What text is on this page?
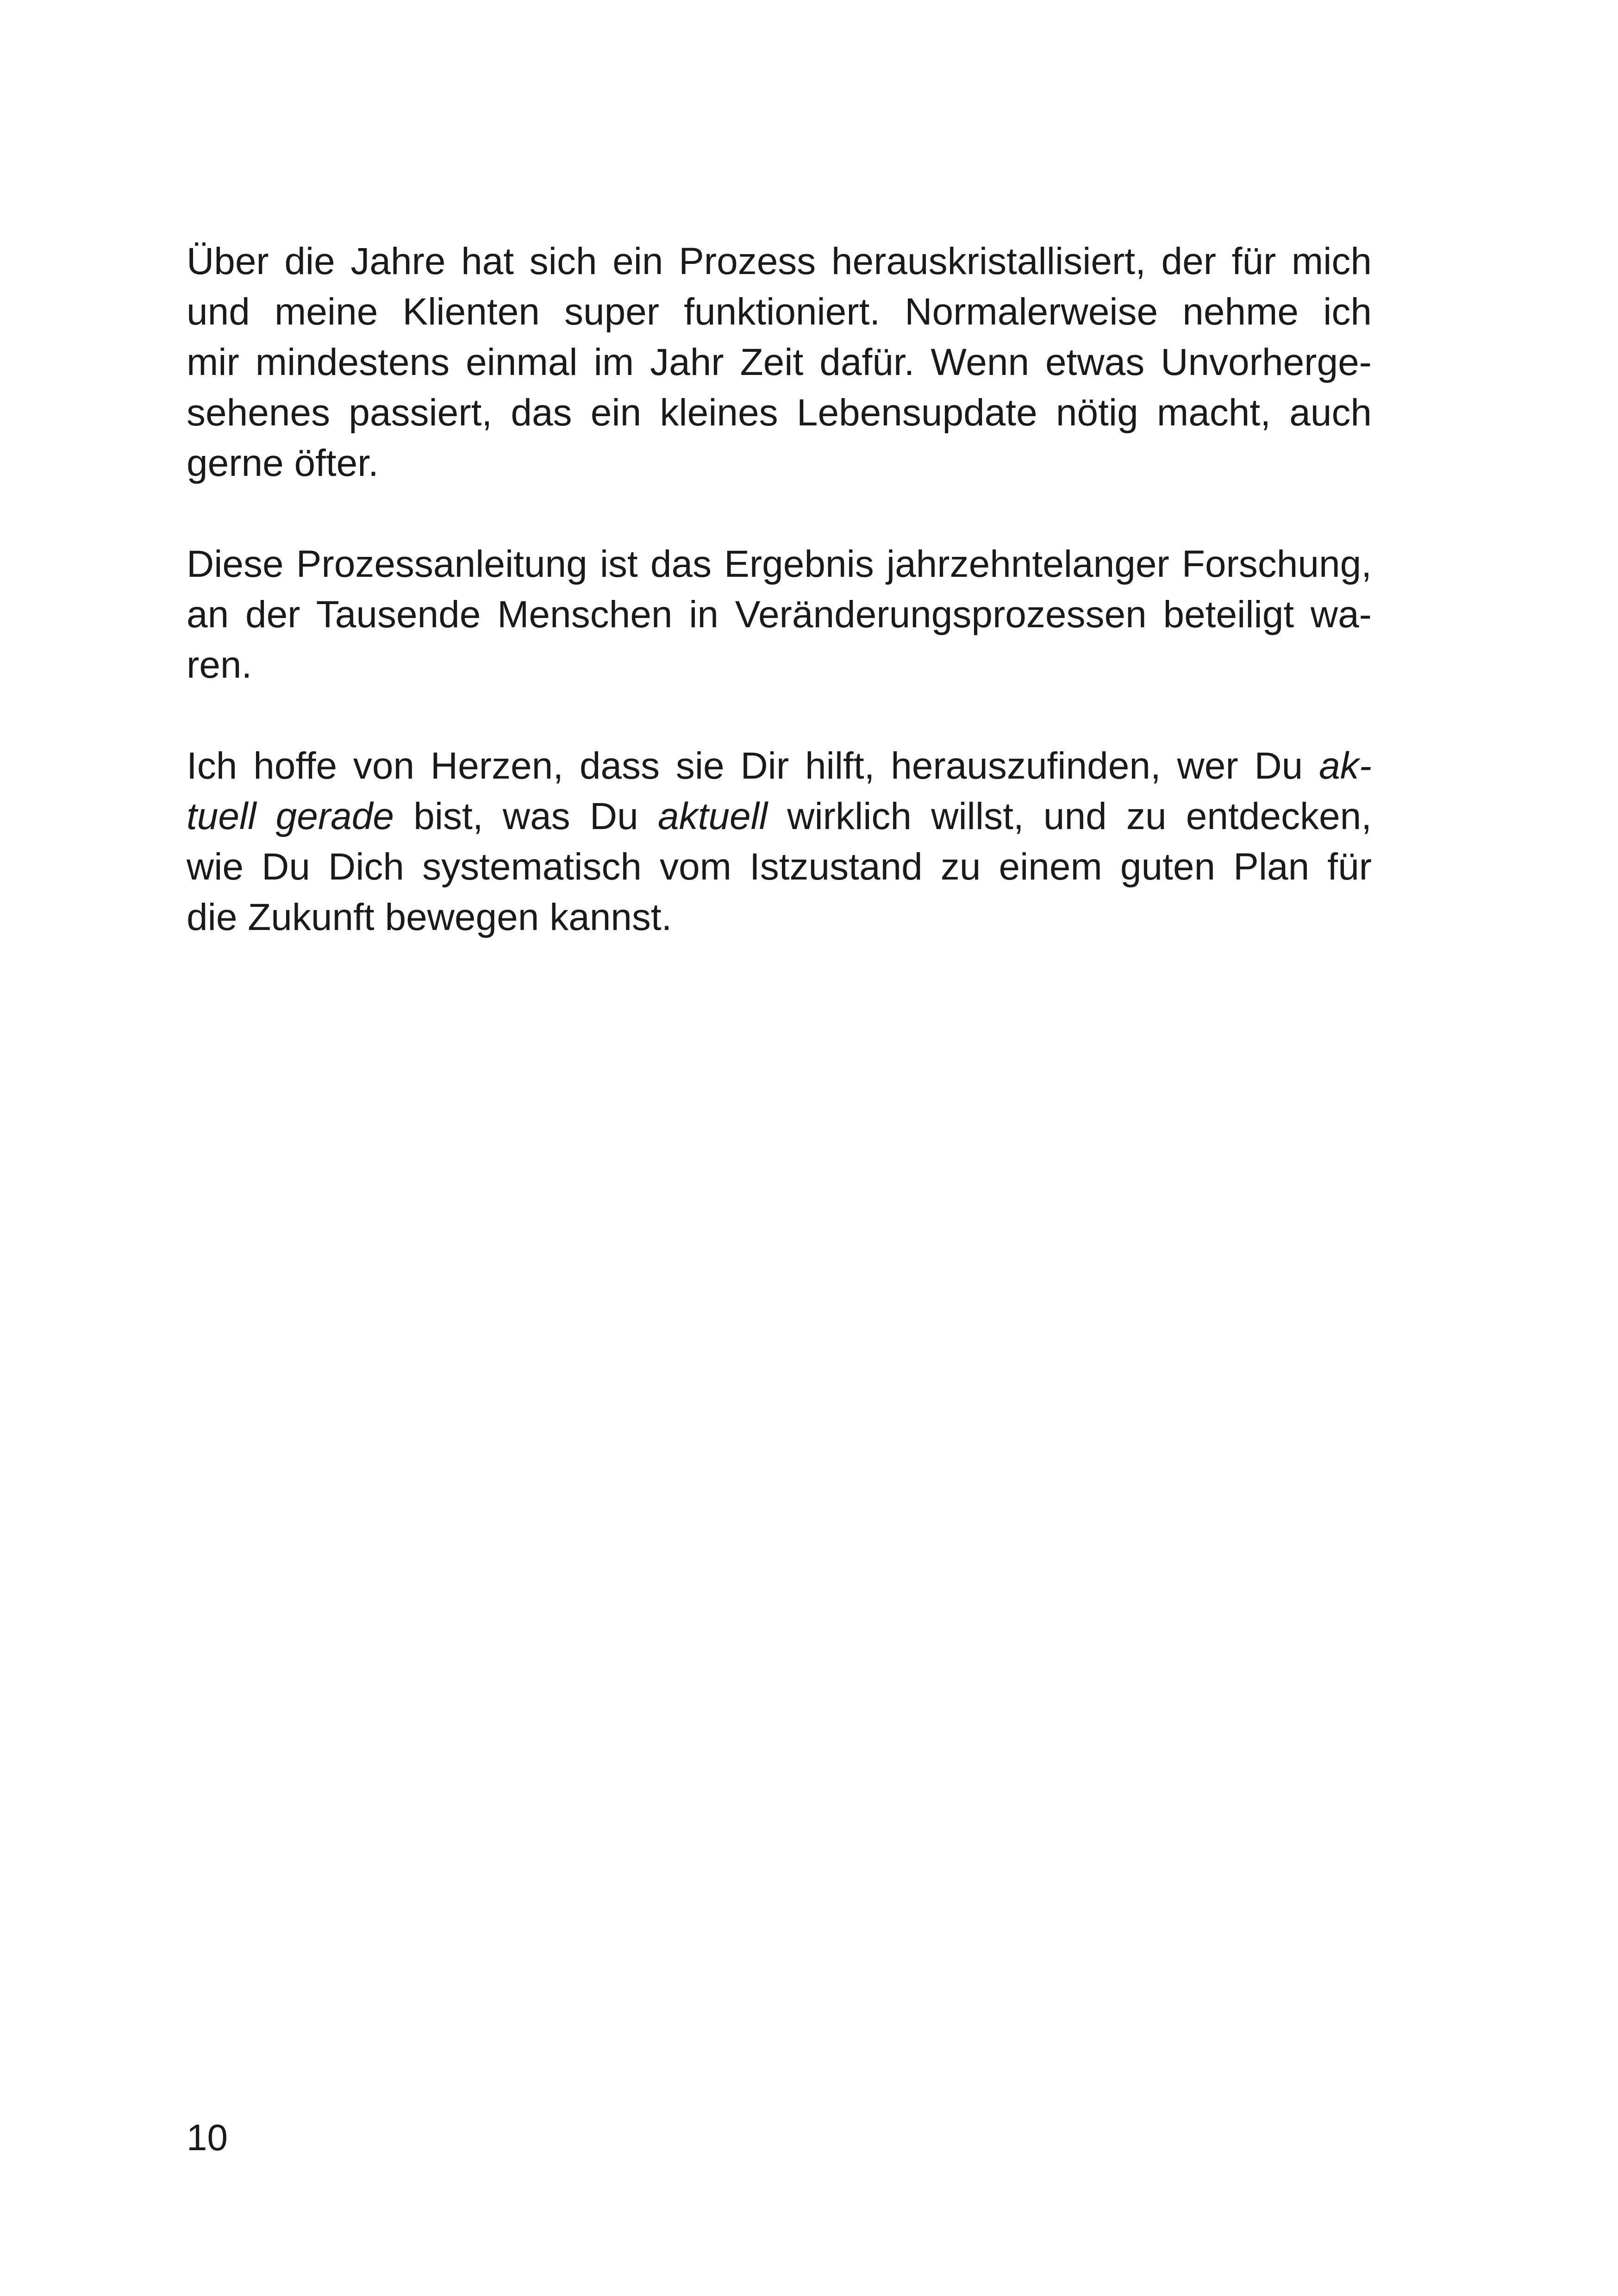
Über die Jahre hat sich ein Prozess herauskristallisiert, der für mich
und meine Klienten super funktioniert. Normalerweise nehme ich
mir mindestens einmal im Jahr Zeit dafür. Wenn etwas Unvorherge-
sehenes passiert, das ein kleines Lebensupdate nötig macht, auch
gerne öfter.
Diese Prozessanleitung ist das Ergebnis jahrzehntelanger Forschung,
an der Tausende Menschen in Veränderungsprozessen beteiligt wa-
ren.
Ich hoffe von Herzen, dass sie Dir hilft, herauszufinden, wer Du ak-
tuell gerade bist, was Du aktuell wirklich willst, und zu entdecken,
wie Du Dich systematisch vom Istzustand zu einem guten Plan für
die Zukunft bewegen kannst.
10
